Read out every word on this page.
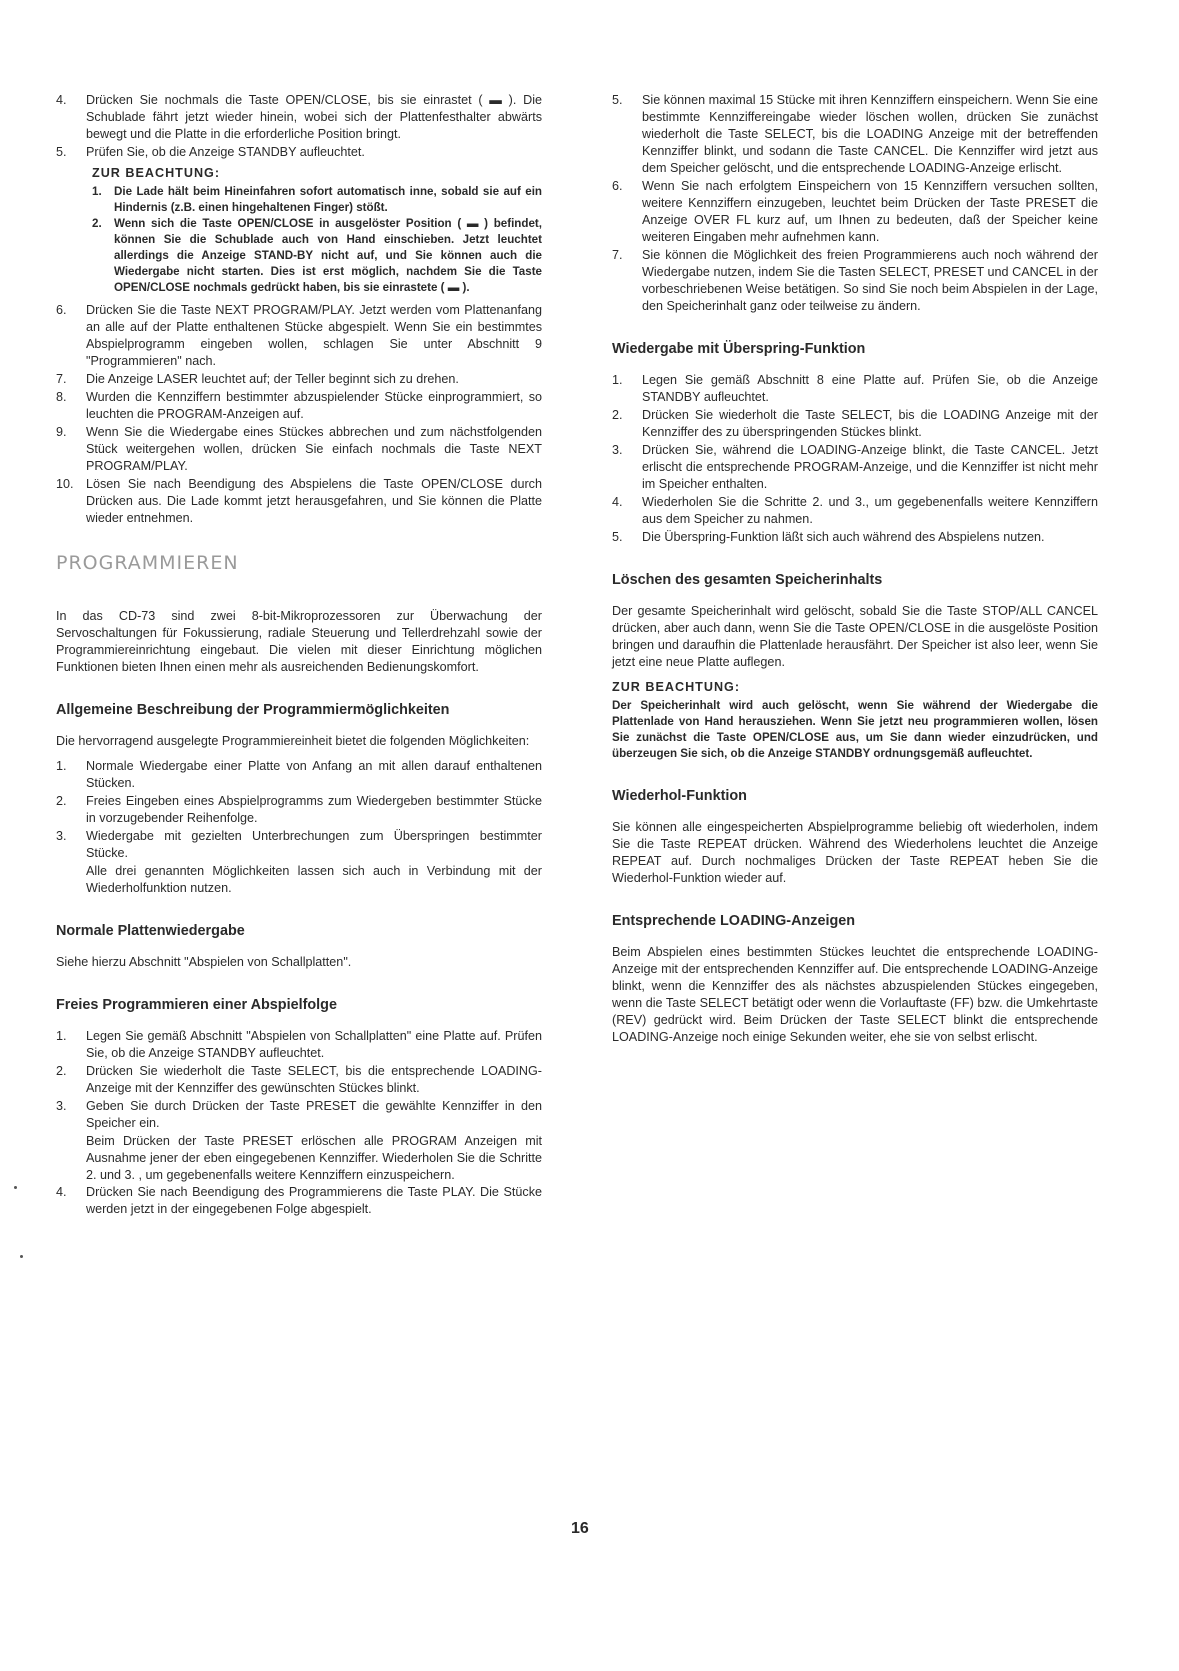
4.	Drücken Sie nochmals die Taste OPEN/CLOSE, bis sie einrastet ( ▬ ). Die Schublade fährt jetzt wieder hinein, wobei sich der Plattenfesthalter abwärts bewegt und die Platte in die erforderliche Position bringt.
5.	Prüfen Sie, ob die Anzeige STANDBY aufleuchtet.
ZUR BEACHTUNG:
1.	Die Lade hält beim Hineinfahren sofort automatisch inne, sobald sie auf ein Hindernis (z.B. einen hingehaltenen Finger) stößt.
2.	Wenn sich die Taste OPEN/CLOSE in ausgelöster Position ( ▬ ) befindet, können Sie die Schublade auch von Hand einschieben. Jetzt leuchtet allerdings die Anzeige STAND-BY nicht auf, und Sie können auch die Wiedergabe nicht starten. Dies ist erst möglich, nachdem Sie die Taste OPEN/CLOSE nochmals gedrückt haben, bis sie einrastete ( ▬ ).
6.	Drücken Sie die Taste NEXT PROGRAM/PLAY. Jetzt werden vom Plattenanfang an alle auf der Platte enthaltenen Stücke abgespielt. Wenn Sie ein bestimmtes Abspielprogramm eingeben wollen, schlagen Sie unter Abschnitt 9 "Programmieren" nach.
7.	Die Anzeige LASER leuchtet auf; der Teller beginnt sich zu drehen.
8.	Wurden die Kennziffern bestimmter abzuspielender Stücke einprogrammiert, so leuchten die PROGRAM-Anzeigen auf.
9.	Wenn Sie die Wiedergabe eines Stückes abbrechen und zum nächstfolgenden Stück weitergehen wollen, drücken Sie einfach nochmals die Taste NEXT PROGRAM/PLAY.
10. Lösen Sie nach Beendigung des Abspielens die Taste OPEN/CLOSE durch Drücken aus. Die Lade kommt jetzt herausgefahren, und Sie können die Platte wieder entnehmen.
PROGRAMMIEREN
In das CD-73 sind zwei 8-bit-Mikroprozessoren zur Überwachung der Servoschaltungen für Fokussierung, radiale Steuerung und Tellerdrehzahl sowie der Programmiereinrichtung eingebaut. Die vielen mit dieser Einrichtung möglichen Funktionen bieten Ihnen einen mehr als ausreichenden Bedienungskomfort.
Allgemeine Beschreibung der Programmiermöglichkeiten
Die hervorragend ausgelegte Programmiereinheit bietet die folgenden Möglichkeiten:
1.	Normale Wiedergabe einer Platte von Anfang an mit allen darauf enthaltenen Stücken.
2.	Freies Eingeben eines Abspielprogramms zum Wiedergeben bestimmter Stücke in vorzugebender Reihenfolge.
3.	Wiedergabe mit gezielten Unterbrechungen zum Überspringen bestimmter Stücke.
Alle drei genannten Möglichkeiten lassen sich auch in Verbindung mit der Wiederholfunktion nutzen.
Normale Plattenwiedergabe
Siehe hierzu Abschnitt "Abspielen von Schallplatten".
Freies Programmieren einer Abspielfolge
1.	Legen Sie gemäß Abschnitt "Abspielen von Schallplatten" eine Platte auf. Prüfen Sie, ob die Anzeige STANDBY aufleuchtet.
2.	Drücken Sie wiederholt die Taste SELECT, bis die entsprechende LOADING-Anzeige mit der Kennziffer des gewünschten Stückes blinkt.
3.	Geben Sie durch Drücken der Taste PRESET die gewählte Kennziffer in den Speicher ein.
Beim Drücken der Taste PRESET erlöschen alle PROGRAM Anzeigen mit Ausnahme jener der eben eingegebenen Kennziffer. Wiederholen Sie die Schritte 2. und 3. , um gegebenenfalls weitere Kennziffern einzuspeichern.
4.	Drücken Sie nach Beendigung des Programmierens die Taste PLAY. Die Stücke werden jetzt in der eingegebenen Folge abgespielt.
5.	Sie können maximal 15 Stücke mit ihren Kennziffern einspeichern. Wenn Sie eine bestimmte Kennziffereingabe wieder löschen wollen, drücken Sie zunächst wiederholt die Taste SELECT, bis die LOADING Anzeige mit der betreffenden Kennziffer blinkt, und sodann die Taste CANCEL. Die Kennziffer wird jetzt aus dem Speicher gelöscht, und die entsprechende LOADING-Anzeige erlischt.
6.	Wenn Sie nach erfolgtem Einspeichern von 15 Kennziffern versuchen sollten, weitere Kennziffern einzugeben, leuchtet beim Drücken der Taste PRESET die Anzeige OVER FL kurz auf, um Ihnen zu bedeuten, daß der Speicher keine weiteren Eingaben mehr aufnehmen kann.
7.	Sie können die Möglichkeit des freien Programmierens auch noch während der Wiedergabe nutzen, indem Sie die Tasten SELECT, PRESET und CANCEL in der vorbeschriebenen Weise betätigen. So sind Sie noch beim Abspielen in der Lage, den Speicherinhalt ganz oder teilweise zu ändern.
Wiedergabe mit Überspring-Funktion
1.	Legen Sie gemäß Abschnitt 8 eine Platte auf. Prüfen Sie, ob die Anzeige STANDBY aufleuchtet.
2.	Drücken Sie wiederholt die Taste SELECT, bis die LOADING Anzeige mit der Kennziffer des zu überspringenden Stückes blinkt.
3.	Drücken Sie, während die LOADING-Anzeige blinkt, die Taste CANCEL. Jetzt erlischt die entsprechende PROGRAM-Anzeige, und die Kennziffer ist nicht mehr im Speicher enthalten.
4.	Wiederholen Sie die Schritte 2. und 3., um gegebenenfalls weitere Kennziffern aus dem Speicher zu nahmen.
5.	Die Überspring-Funktion läßt sich auch während des Abspielens nutzen.
Löschen des gesamten Speicherinhalts
Der gesamte Speicherinhalt wird gelöscht, sobald Sie die Taste STOP/ALL CANCEL drücken, aber auch dann, wenn Sie die Taste OPEN/CLOSE in die ausgelöste Position bringen und daraufhin die Plattenlade herausfährt. Der Speicher ist also leer, wenn Sie jetzt eine neue Platte auflegen.
ZUR BEACHTUNG:
Der Speicherinhalt wird auch gelöscht, wenn Sie während der Wiedergabe die Plattenlade von Hand herausziehen. Wenn Sie jetzt neu programmieren wollen, lösen Sie zunächst die Taste OPEN/CLOSE aus, um Sie dann wieder einzudrücken, und überzeugen Sie sich, ob die Anzeige STANDBY ordnungsgemäß aufleuchtet.
Wiederhol-Funktion
Sie können alle eingespeicherten Abspielprogramme beliebig oft wiederholen, indem Sie die Taste REPEAT drücken. Während des Wiederholens leuchtet die Anzeige REPEAT auf. Durch nochmaliges Drücken der Taste REPEAT heben Sie die Wiederhol-Funktion wieder auf.
Entsprechende LOADING-Anzeigen
Beim Abspielen eines bestimmten Stückes leuchtet die entsprechende LOADING-Anzeige mit der entsprechenden Kennziffer auf. Die entsprechende LOADING-Anzeige blinkt, wenn die Kennziffer des als nächstes abzuspielenden Stückes eingegeben, wenn die Taste SELECT betätigt oder wenn die Vorlauftaste (FF) bzw. die Umkehrtaste (REV) gedrückt wird. Beim Drücken der Taste SELECT blinkt die entsprechende LOADING-Anzeige noch einige Sekunden weiter, ehe sie von selbst erlischt.
16
